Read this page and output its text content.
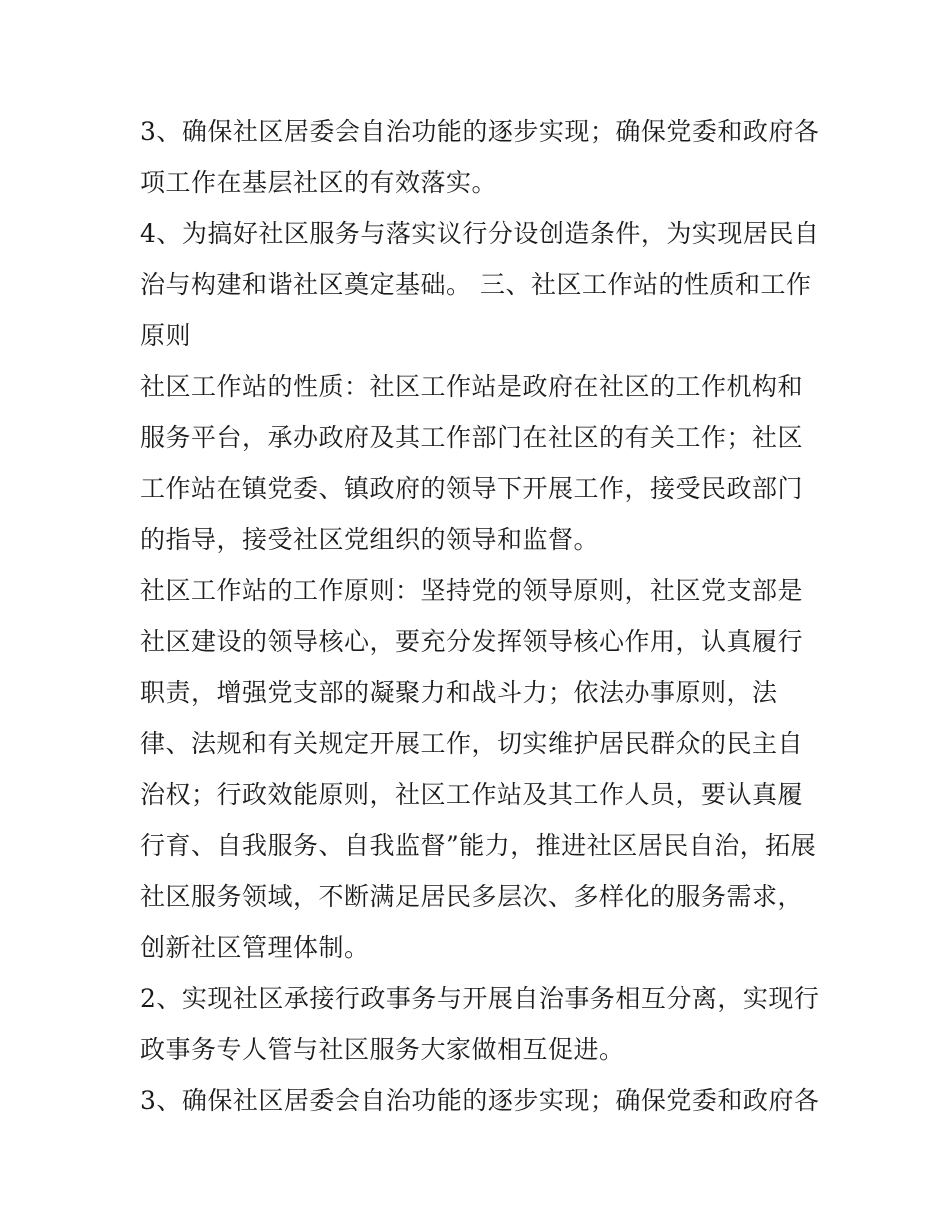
3、确保社区居委会自治功能的逐步实现；确保党委和政府各项工作在基层社区的有效落实。

4、为搞好社区服务与落实议行分设创造条件，为实现居民自治与构建和谐社区奠定基础。 三、社区工作站的性质和工作原则

社区工作站的性质：社区工作站是政府在社区的工作机构和服务平台，承办政府及其工作部门在社区的有关工作；社区工作站在镇党委、镇政府的领导下开展工作，接受民政部门的指导，接受社区党组织的领导和监督。

社区工作站的工作原则：坚持党的领导原则，社区党支部是社区建设的领导核心，要充分发挥领导核心作用，认真履行职责，增强党支部的凝聚力和战斗力；依法办事原则，法律、法规和有关规定开展工作，切实维护居民群众的民主自治权；行政效能原则，社区工作站及其工作人员，要认真履行育、自我服务、自我监督”能力，推进社区居民自治，拓展社区服务领域，不断满足居民多层次、多样化的服务需求，创新社区管理体制。

2、实现社区承接行政事务与开展自治事务相互分离，实现行政事务专人管与社区服务大家做相互促进。

3、确保社区居委会自治功能的逐步实现；确保党委和政府各
